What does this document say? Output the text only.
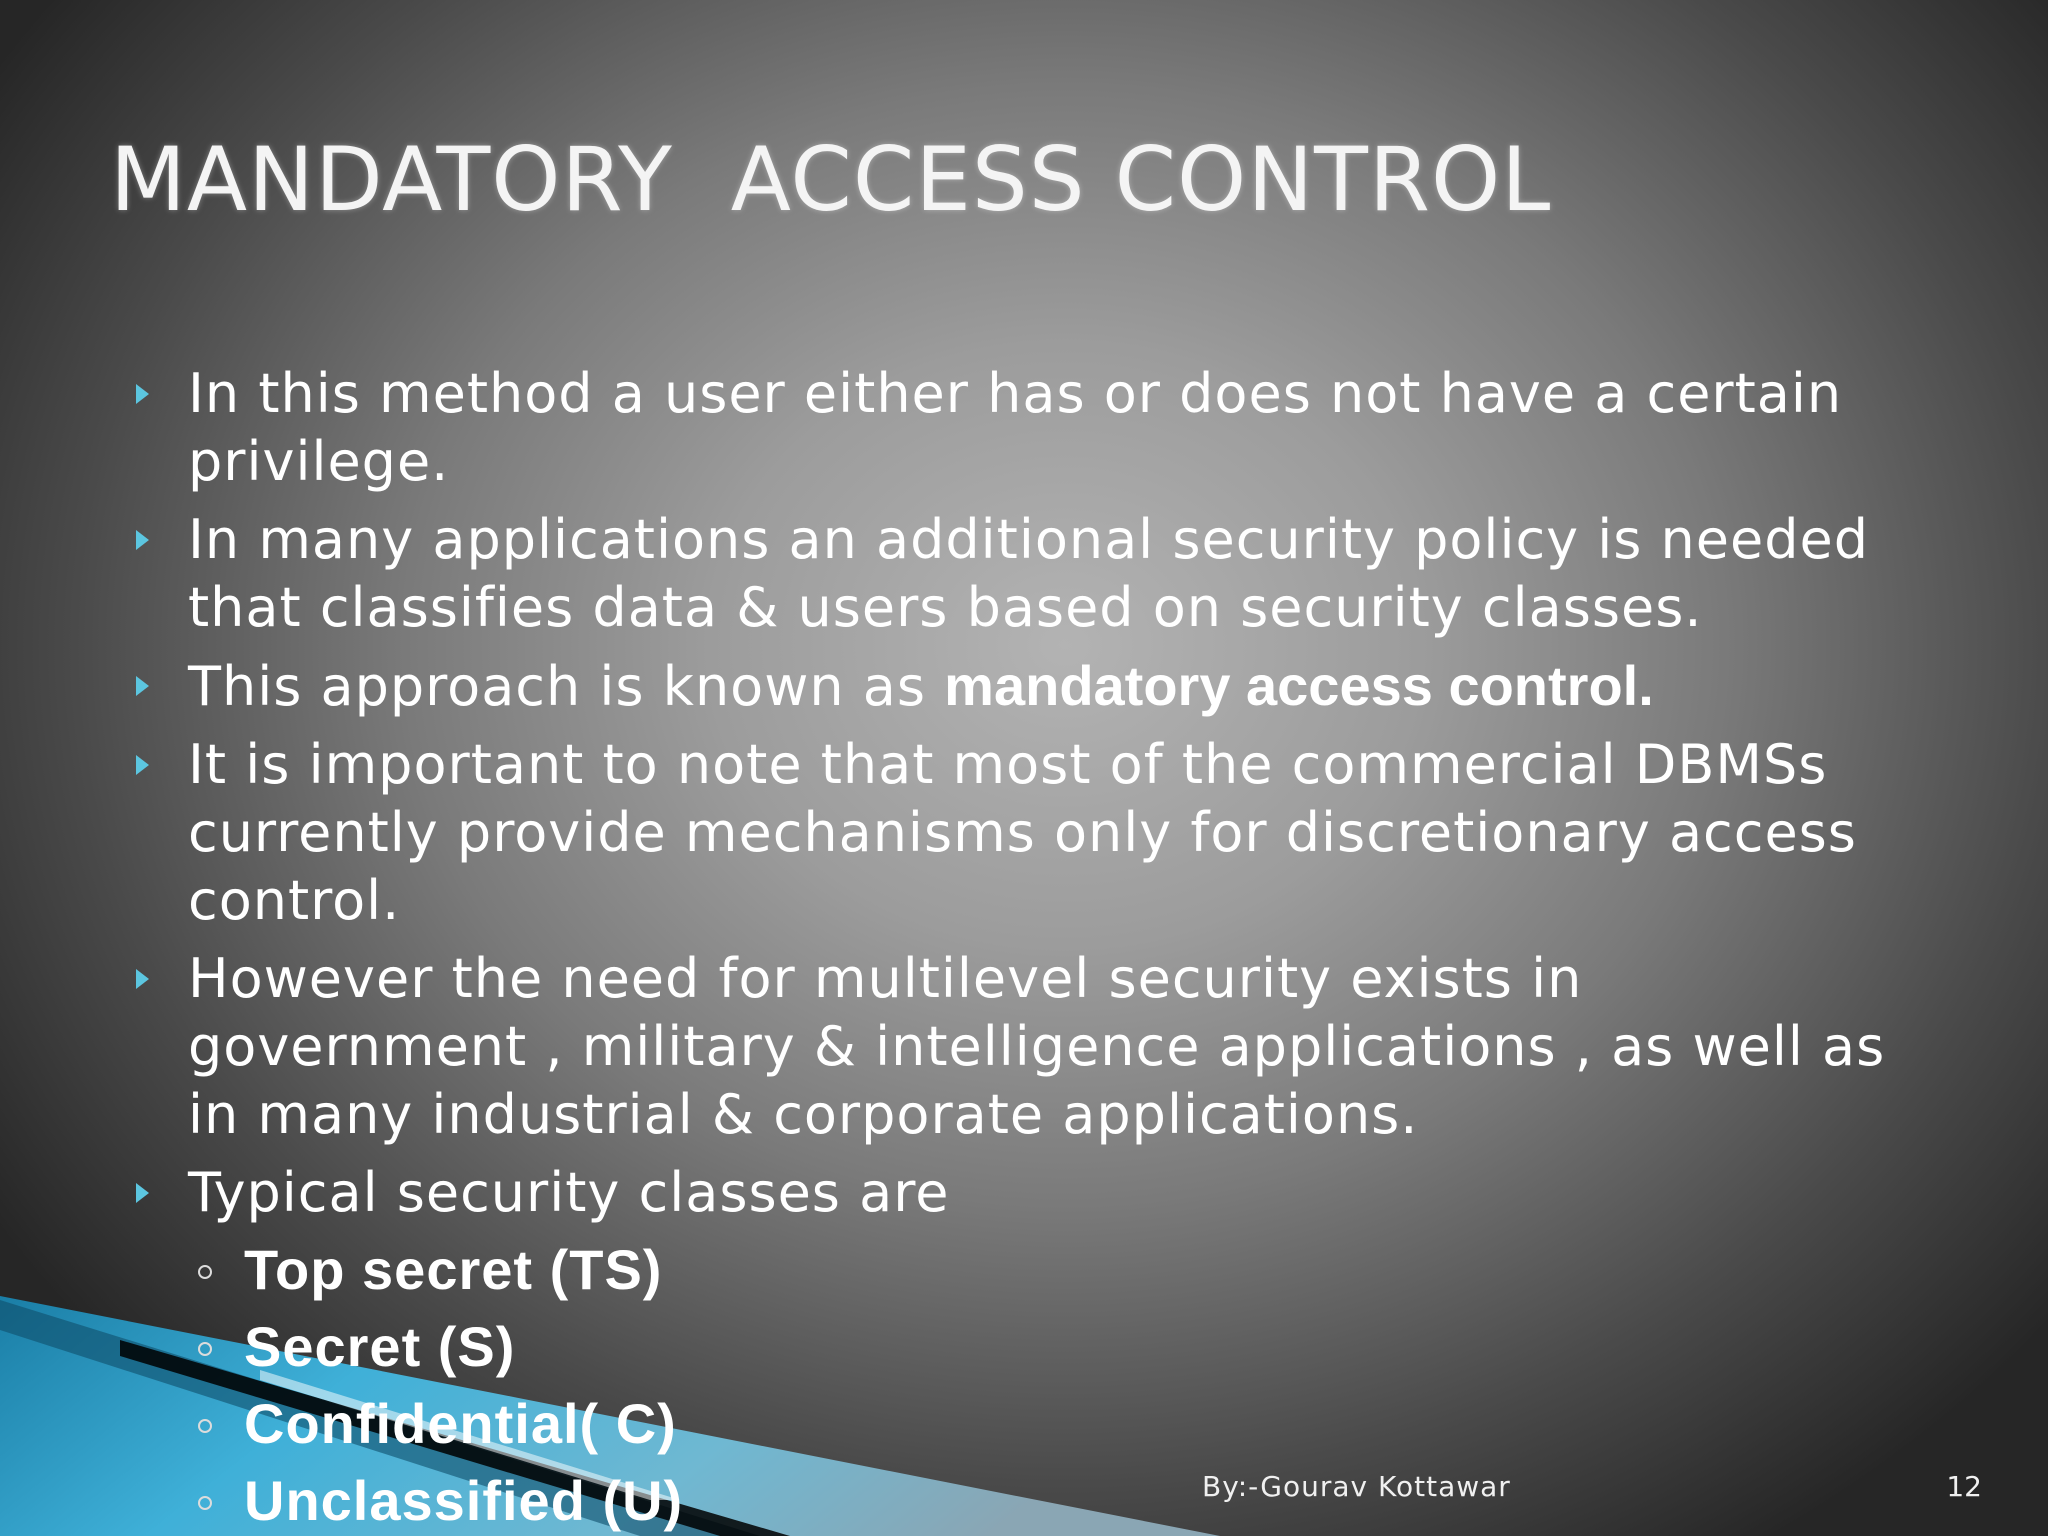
MANDATORY  ACCESS CONTROL
In this method a user either has or does not have a certain privilege.
In many applications an additional security policy is needed that classifies data & users based on security classes.
This approach is known as mandatory access control.
It is important to note that most of the commercial DBMSs currently provide mechanisms only for discretionary access control.
However the need for multilevel security exists in government , military & intelligence applications , as well as in many industrial & corporate applications.
Typical security classes are
Top secret (TS)
Secret (S)
Confidential( C)
Unclassified (U)	By:-Gourav Kottawar	12
